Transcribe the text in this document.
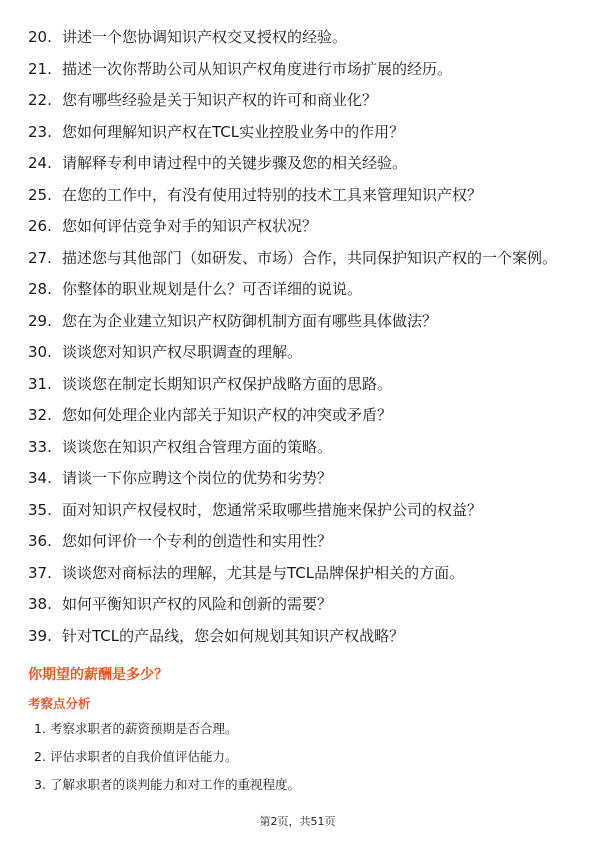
20. 讲述一个您协调知识产权交叉授权的经验。
21. 描述一次你帮助公司从知识产权角度进行市场扩展的经历。
22. 您有哪些经验是关于知识产权的许可和商业化？
23. 您如何理解知识产权在TCL实业控股业务中的作用？
24. 请解释专利申请过程中的关键步骤及您的相关经验。
25. 在您的工作中，有没有使用过特别的技术工具来管理知识产权？
26. 您如何评估竞争对手的知识产权状况？
27. 描述您与其他部门（如研发、市场）合作，共同保护知识产权的一个案例。
28. 你整体的职业规划是什么？可否详细的说说。
29. 您在为企业建立知识产权防御机制方面有哪些具体做法？
30. 谈谈您对知识产权尽职调查的理解。
31. 谈谈您在制定长期知识产权保护战略方面的思路。
32. 您如何处理企业内部关于知识产权的冲突或矛盾？
33. 谈谈您在知识产权组合管理方面的策略。
34. 请谈一下你应聘这个岗位的优势和劣势？
35. 面对知识产权侵权时，您通常采取哪些措施来保护公司的权益？
36. 您如何评价一个专利的创造性和实用性？
37. 谈谈您对商标法的理解，尤其是与TCL品牌保护相关的方面。
38. 如何平衡知识产权的风险和创新的需要？
39. 针对TCL的产品线，您会如何规划其知识产权战略？
你期望的薪酬是多少？
考察点分析
1. 考察求职者的薪资预期是否合理。
2. 评估求职者的自我价值评估能力。
3. 了解求职者的谈判能力和对工作的重视程度。
第2页，共51页
